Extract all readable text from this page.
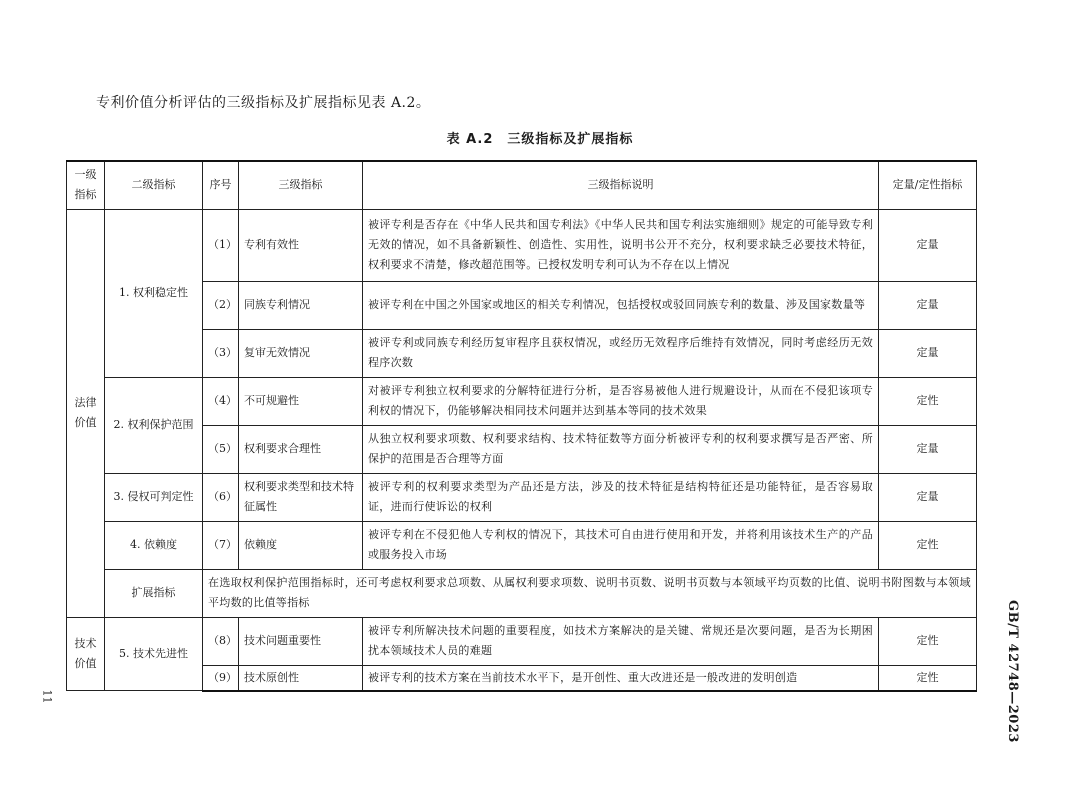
专利价值分析评估的三级指标及扩展指标见表 A.2。
表 A.2　三级指标及扩展指标
一级指标	二级指标	序号	三级指标	三级指标说明	定量/定性指标
法律价值	1. 权利稳定性	（1）	专利有效性	被评专利是否存在《中华人民共和国专利法》《中华人民共和国专利法实施细则》规定的可能导致专利无效的情况，如不具备新颖性、创造性、实用性，说明书公开不充分，权利要求缺乏必要技术特征，权利要求不清楚，修改超范围等。已授权发明专利可认为不存在以上情况	定量
		（2）	同族专利情况	被评专利在中国之外国家或地区的相关专利情况，包括授权或驳回同族专利的数量、涉及国家数量等	定量
		（3）	复审无效情况	被评专利或同族专利经历复审程序且获权情况，或经历无效程序后维持有效情况，同时考虑经历无效程序次数	定量
	2. 权利保护范围	（4）	不可规避性	对被评专利独立权利要求的分解特征进行分析，是否容易被他人进行规避设计，从而在不侵犯该项专利权的情况下，仍能够解决相同技术问题并达到基本等同的技术效果	定性
		（5）	权利要求合理性	从独立权利要求项数、权利要求结构、技术特征数等方面分析被评专利的权利要求撰写是否严密、所保护的范围是否合理等方面	定量
	3. 侵权可判定性	（6）	权利要求类型和技术特征属性	被评专利的权利要求类型为产品还是方法，涉及的技术特征是结构特征还是功能特征，是否容易取证，进而行使诉讼的权利	定量
	4. 依赖度	（7）	依赖度	被评专利在不侵犯他人专利权的情况下，其技术可自由进行使用和开发，并将利用该技术生产的产品或服务投入市场	定性
	扩展指标	在选取权利保护范围指标时，还可考虑权利要求总项数、从属权利要求项数、说明书页数、说明书页数与本领域平均页数的比值、说明书附图数与本领域平均数的比值等指标			
技术价值	5. 技术先进性	（8）	技术问题重要性	被评专利所解决技术问题的重要程度，如技术方案解决的是关键、常规还是次要问题，是否为长期困扰本领域技术人员的难题	定性
		（9）	技术原创性	被评专利的技术方案在当前技术水平下，是开创性、重大改进还是一般改进的发明创造	定性
11	GB/T 42748—2023
